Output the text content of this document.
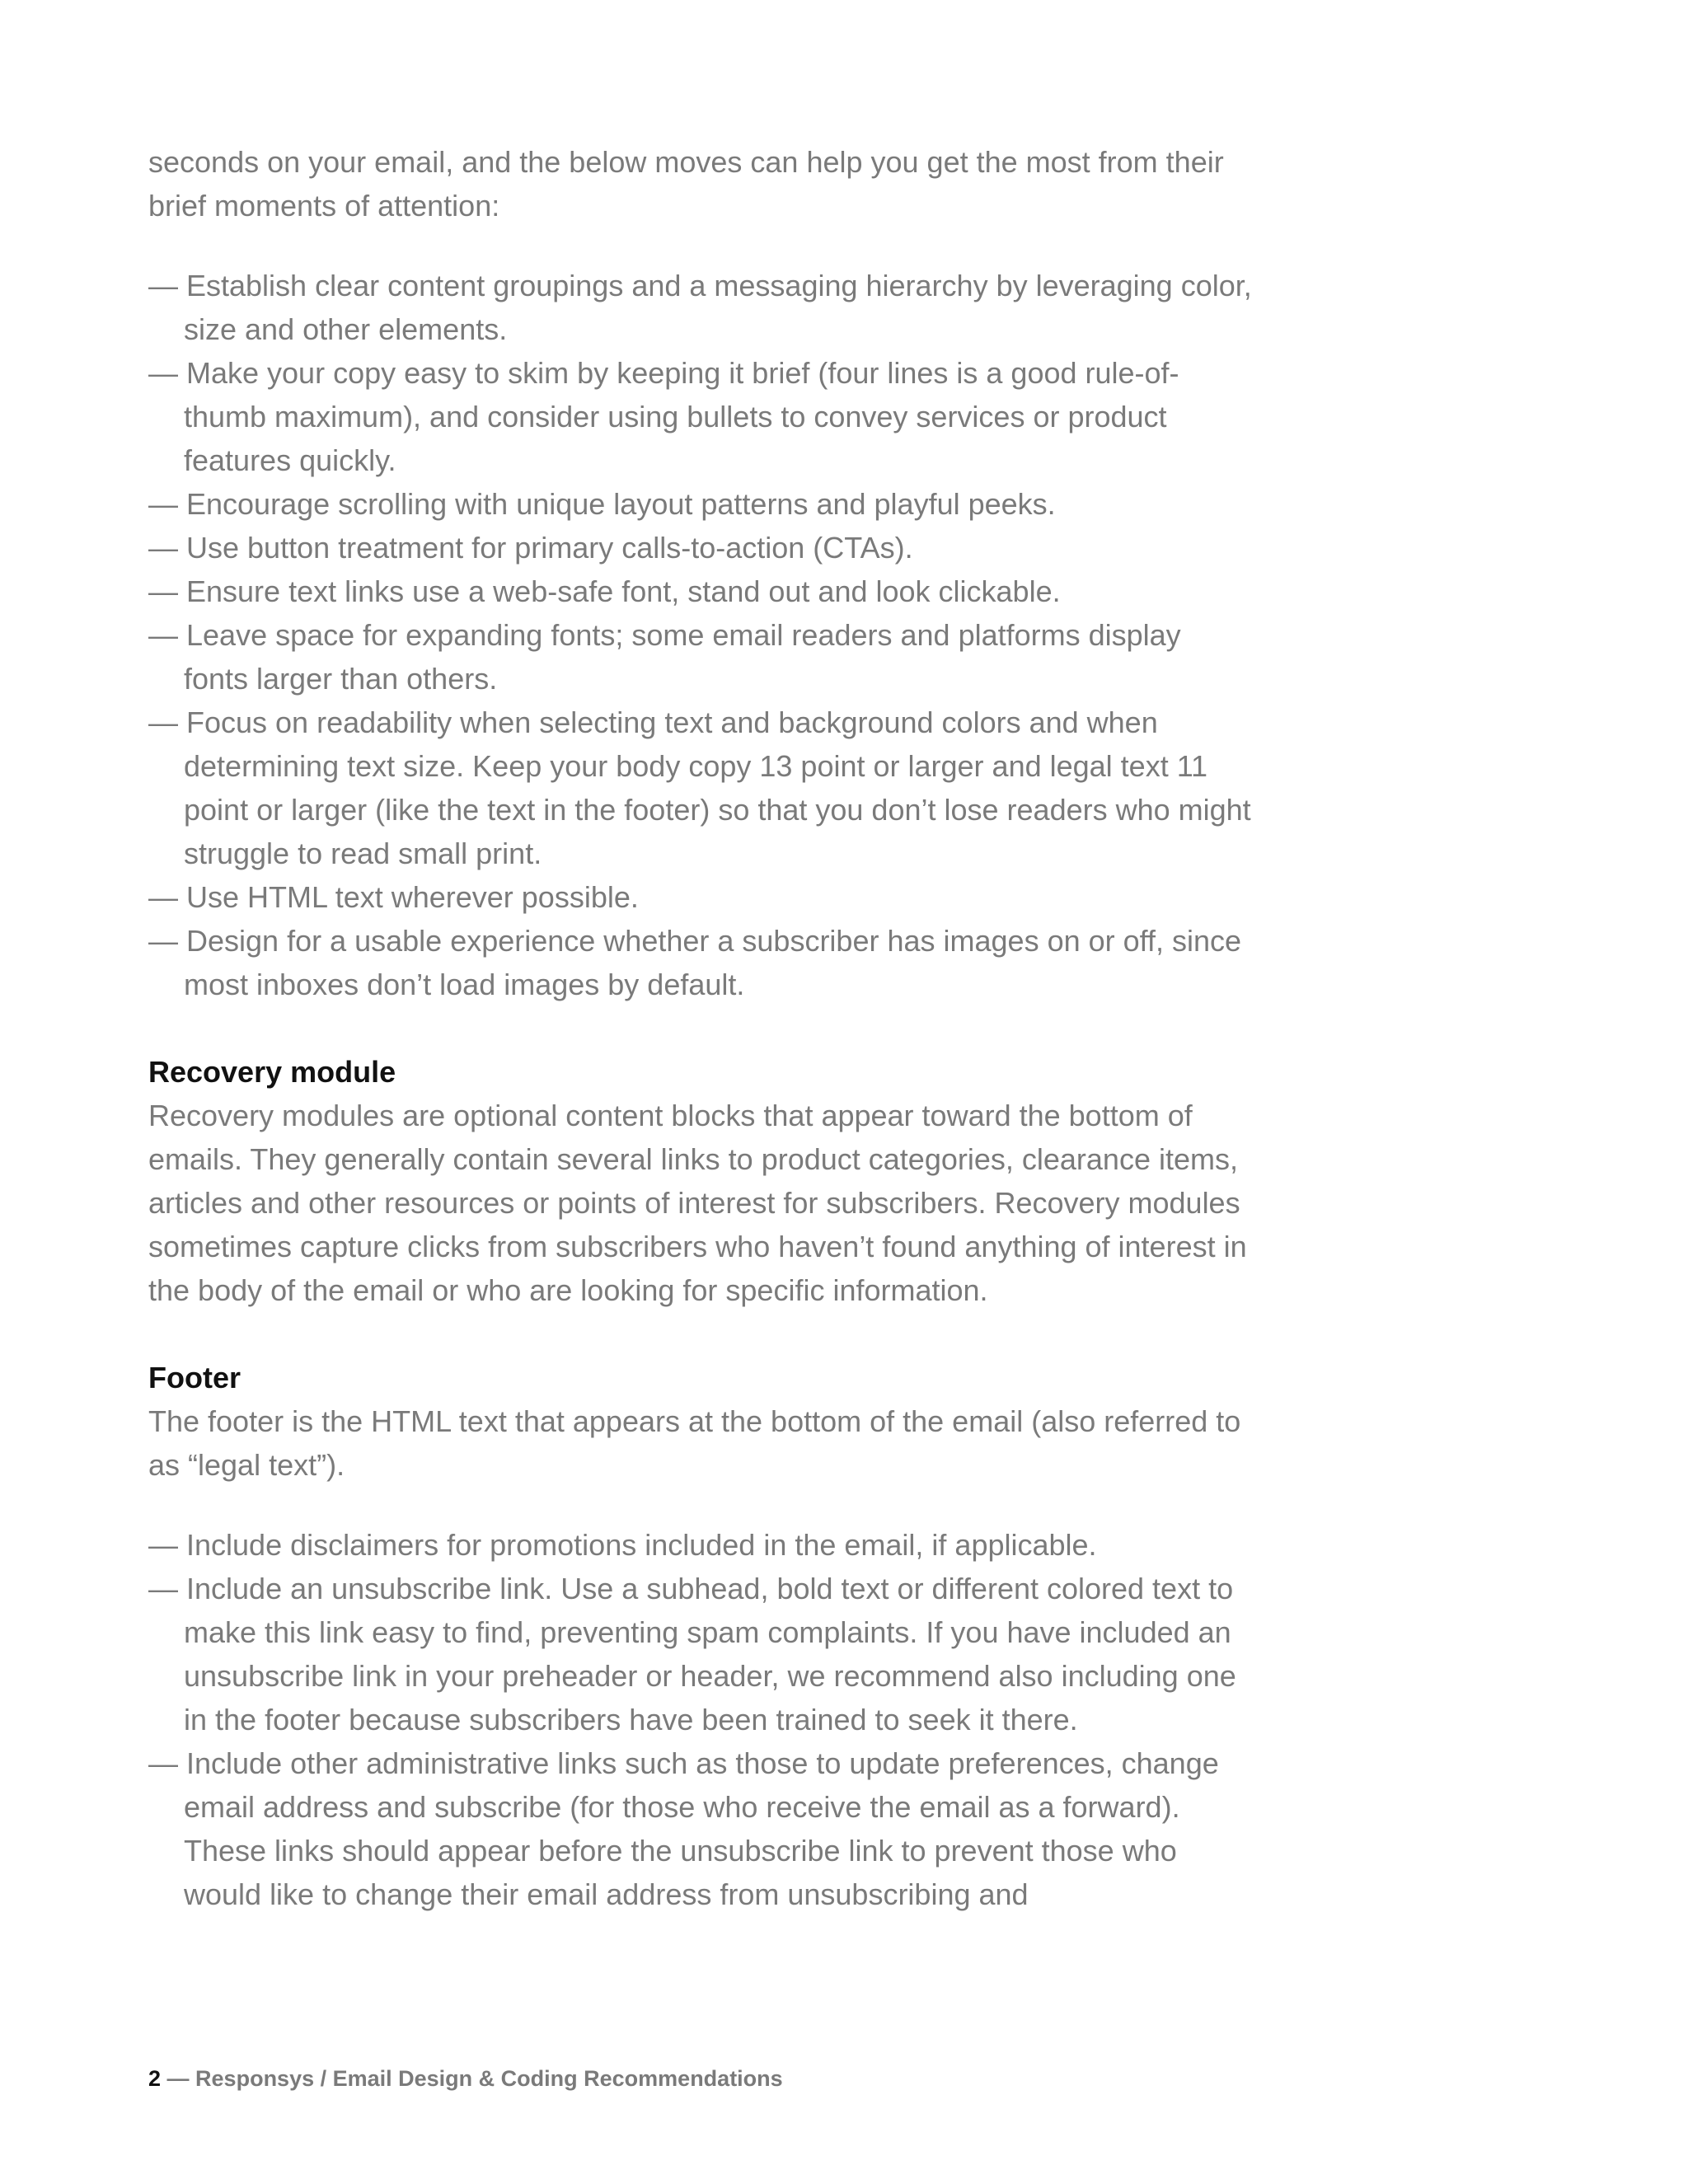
seconds on your email, and the below moves can help you get the most from their brief moments of attention:

— Establish clear content groupings and a messaging hierarchy by leveraging color, size and other elements.
— Make your copy easy to skim by keeping it brief (four lines is a good rule-of-thumb maximum), and consider using bullets to convey services or product features quickly.
— Encourage scrolling with unique layout patterns and playful peeks.
— Use button treatment for primary calls-to-action (CTAs).
— Ensure text links use a web-safe font, stand out and look clickable.
— Leave space for expanding fonts; some email readers and platforms display fonts larger than others.
— Focus on readability when selecting text and background colors and when determining text size. Keep your body copy 13 point or larger and legal text 11 point or larger (like the text in the footer) so that you don’t lose readers who might struggle to read small print.
— Use HTML text wherever possible.
— Design for a usable experience whether a subscriber has images on or off, since most inboxes don’t load images by default.
Recovery module

Recovery modules are optional content blocks that appear toward the bottom of emails. They generally contain several links to product categories, clearance items, articles and other resources or points of interest for subscribers. Recovery modules sometimes capture clicks from subscribers who haven’t found anything of interest in the body of the email or who are looking for specific information.

Footer

The footer is the HTML text that appears at the bottom of the email (also referred to as “legal text”).

— Include disclaimers for promotions included in the email, if applicable.
— Include an unsubscribe link. Use a subhead, bold text or different colored text to make this link easy to find, preventing spam complaints. If you have included an unsubscribe link in your preheader or header, we recommend also including one in the footer because subscribers have been trained to seek it there.
— Include other administrative links such as those to update preferences, change email address and subscribe (for those who receive the email as a forward). These links should appear before the unsubscribe link to prevent those who would like to change their email address from unsubscribing and
2 — Responsys / Email Design & Coding Recommendations
